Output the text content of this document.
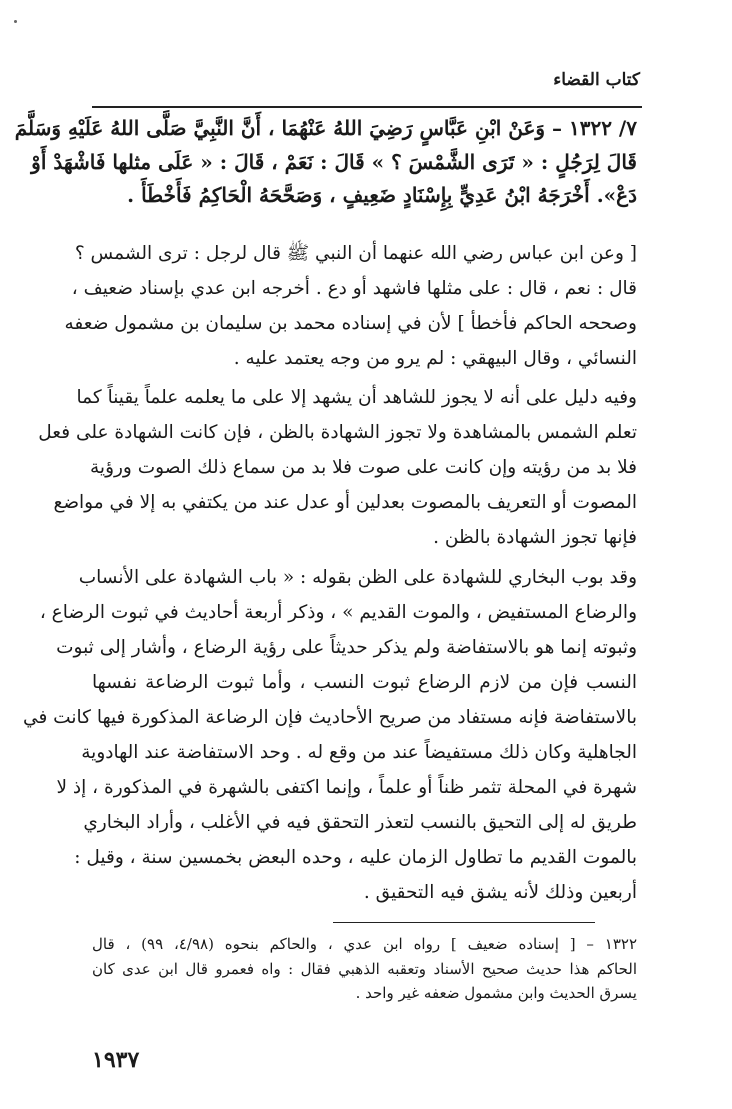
كتاب القضاء
٧/ ١٣٢٢ – وَعَنْ ابْنِ عَبَّاسٍ رَضِيَ اللهُ عَنْهُمَا ، أَنَّ النَّبِيَّ صَلَّى اللهُ عَلَيْهِ وَسَلَّمَ
قَالَ لِرَجُلٍ : « تَرَى الشَّمْسَ ؟ » قَالَ : نَعَمْ ، قَالَ : « عَلَى مثلها فَاشْهَدْ أَوْ
دَعْ». أَخْرَجَهُ ابْنُ عَدِيٍّ بِإِسْنَادٍ ضَعِيفٍ ، وَصَحَّحَهُ الْحَاكِمُ فَأَخْطَأَ .
[ وعن ابن عباس رضي الله عنهما أن النبي ﷺ قال لرجل : ترى الشمس ؟
قال : نعم ، قال : على مثلها فاشهد أو دع . أخرجه ابن عدي بإسناد ضعيف ،
وصححه الحاكم فأخطأ ] لأن في إسناده محمد بن سليمان بن مشمول ضعفه
النسائي ، وقال البيهقي : لم يرو من وجه يعتمد عليه .
وفيه دليل على أنه لا يجوز للشاهد أن يشهد إلا على ما يعلمه علماً يقيناً كما
تعلم الشمس بالمشاهدة ولا تجوز الشهادة بالظن ، فإن كانت الشهادة على فعل
فلا بد من رؤيته وإن كانت على صوت فلا بد من سماع ذلك الصوت ورؤية
المصوت أو التعريف بالمصوت بعدلين أو عدل عند من يكتفي به إلا في مواضع
فإنها تجوز الشهادة بالظن .
وقد بوب البخاري للشهادة على الظن بقوله : « باب الشهادة على الأنساب
والرضاع المستفيض ، والموت القديم » ، وذكر أربعة أحاديث في ثبوت الرضاع ،
وثبوته إنما هو بالاستفاضة ولم يذكر حديثاً على رؤية الرضاع ، وأشار إلى ثبوت
النسب فإن من لازم الرضاع ثبوت النسب ، وأما ثبوت الرضاعة نفسها
بالاستفاضة فإنه مستفاد من صريح الأحاديث فإن الرضاعة المذكورة فيها كانت في
الجاهلية وكان ذلك مستفيضاً عند من وقع له . وحد الاستفاضة عند الهادوية
شهرة في المحلة تثمر ظناً أو علماً ، وإنما اكتفى بالشهرة في المذكورة ، إذ لا
طريق له إلى التحيق بالنسب لتعذر التحقق فيه في الأغلب ، وأراد البخاري
بالموت القديم ما تطاول الزمان عليه ، وحده البعض بخمسين سنة ، وقيل :
أربعين وذلك لأنه يشق فيه التحقيق .
١٣٢٢ – [ إسناده ضعيف ] رواه ابن عدي ، والحاكم بنحوه (٤/٩٨، ٩٩) ، قال
الحاكم هذا حديث صحيح الأسناد وتعقبه الذهبي فقال : واه فعمرو قال ابن عدى كان
يسرق الحديث وابن مشمول ضعفه غير واحد .
١٩٣٧
